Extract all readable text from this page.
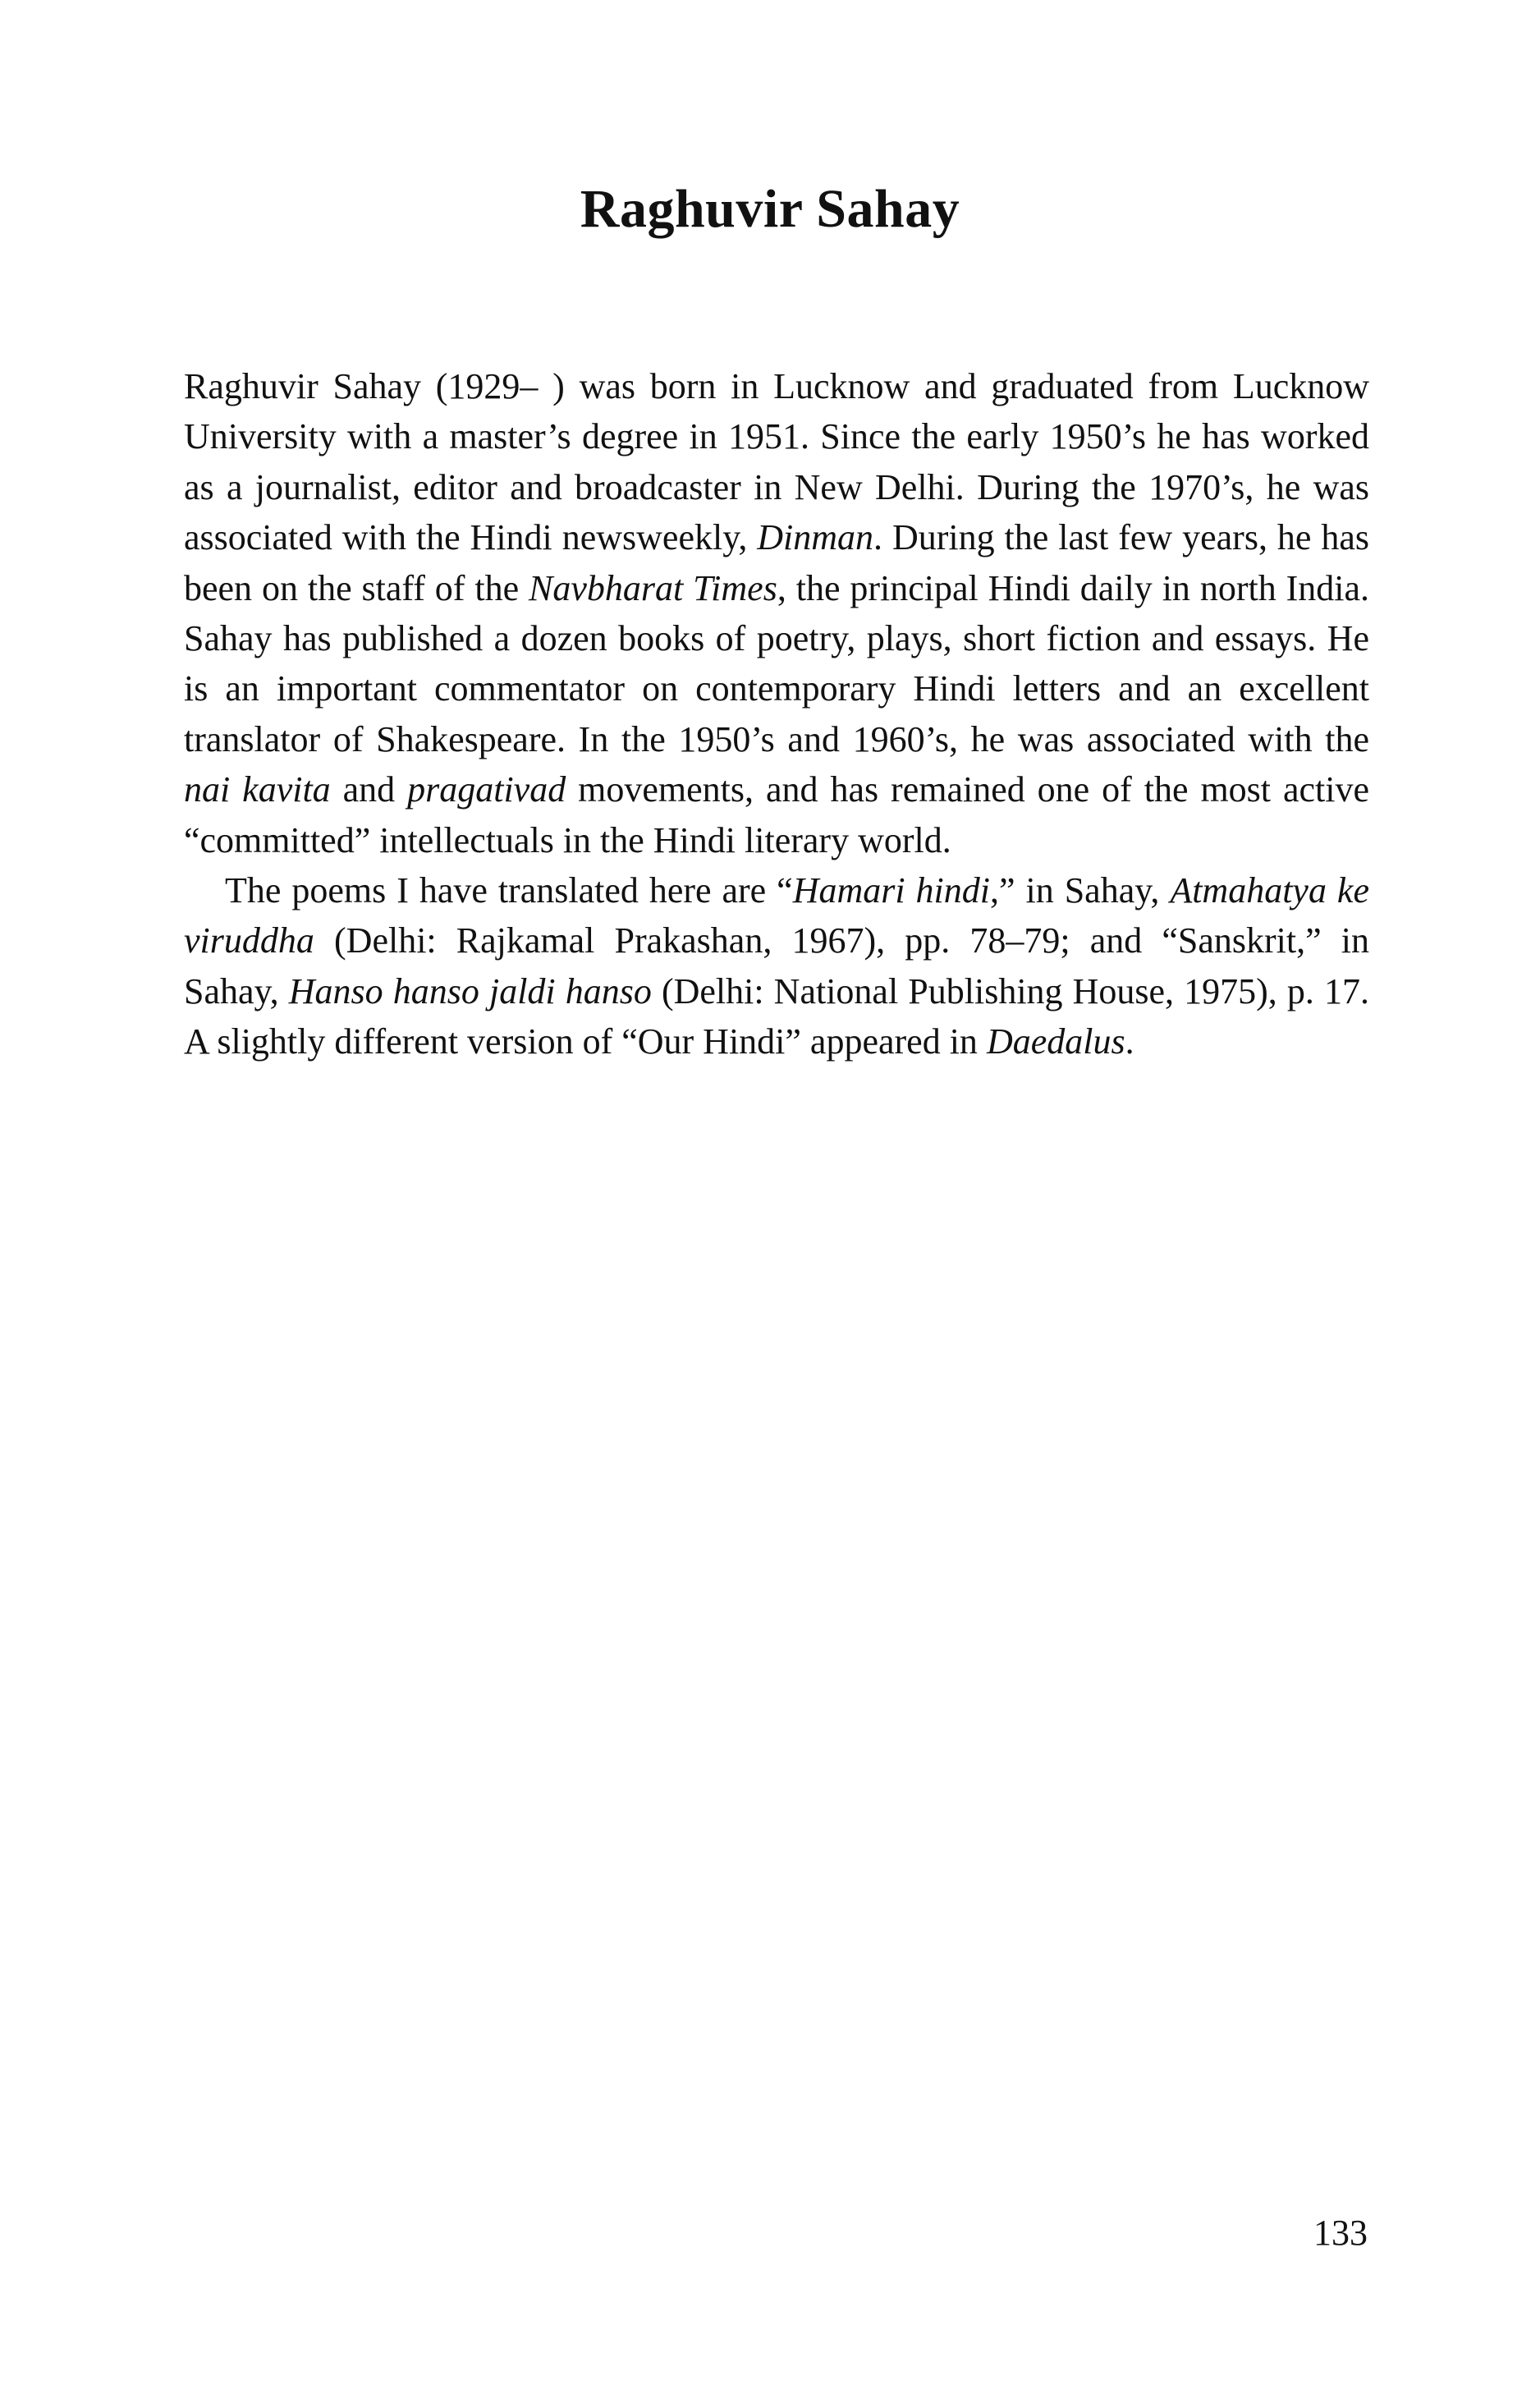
Raghuvir Sahay

Raghuvir Sahay (1929– ) was born in Lucknow and graduated from Lucknow University with a master’s degree in 1951. Since the early 1950’s he has worked as a journalist, editor and broadcaster in New Delhi. During the 1970’s, he was associated with the Hindi newsweekly, Dinman. During the last few years, he has been on the staff of the Navbharat Times, the principal Hindi daily in north India. Sahay has published a dozen books of poetry, plays, short fiction and essays. He is an important commentator on contemporary Hindi letters and an excellent translator of Shakespeare. In the 1950’s and 1960’s, he was associated with the nai kavita and pragativad movements, and has remained one of the most active “committed” intellectuals in the Hindi literary world.

The poems I have translated here are “Hamari hindi,” in Sahay, Atmahatya ke viruddha (Delhi: Rajkamal Prakashan, 1967), pp. 78–79; and “Sanskrit,” in Sahay, Hanso hanso jaldi hanso (Delhi: National Publishing House, 1975), p. 17. A slightly different version of “Our Hindi” appeared in Daedalus.

133
